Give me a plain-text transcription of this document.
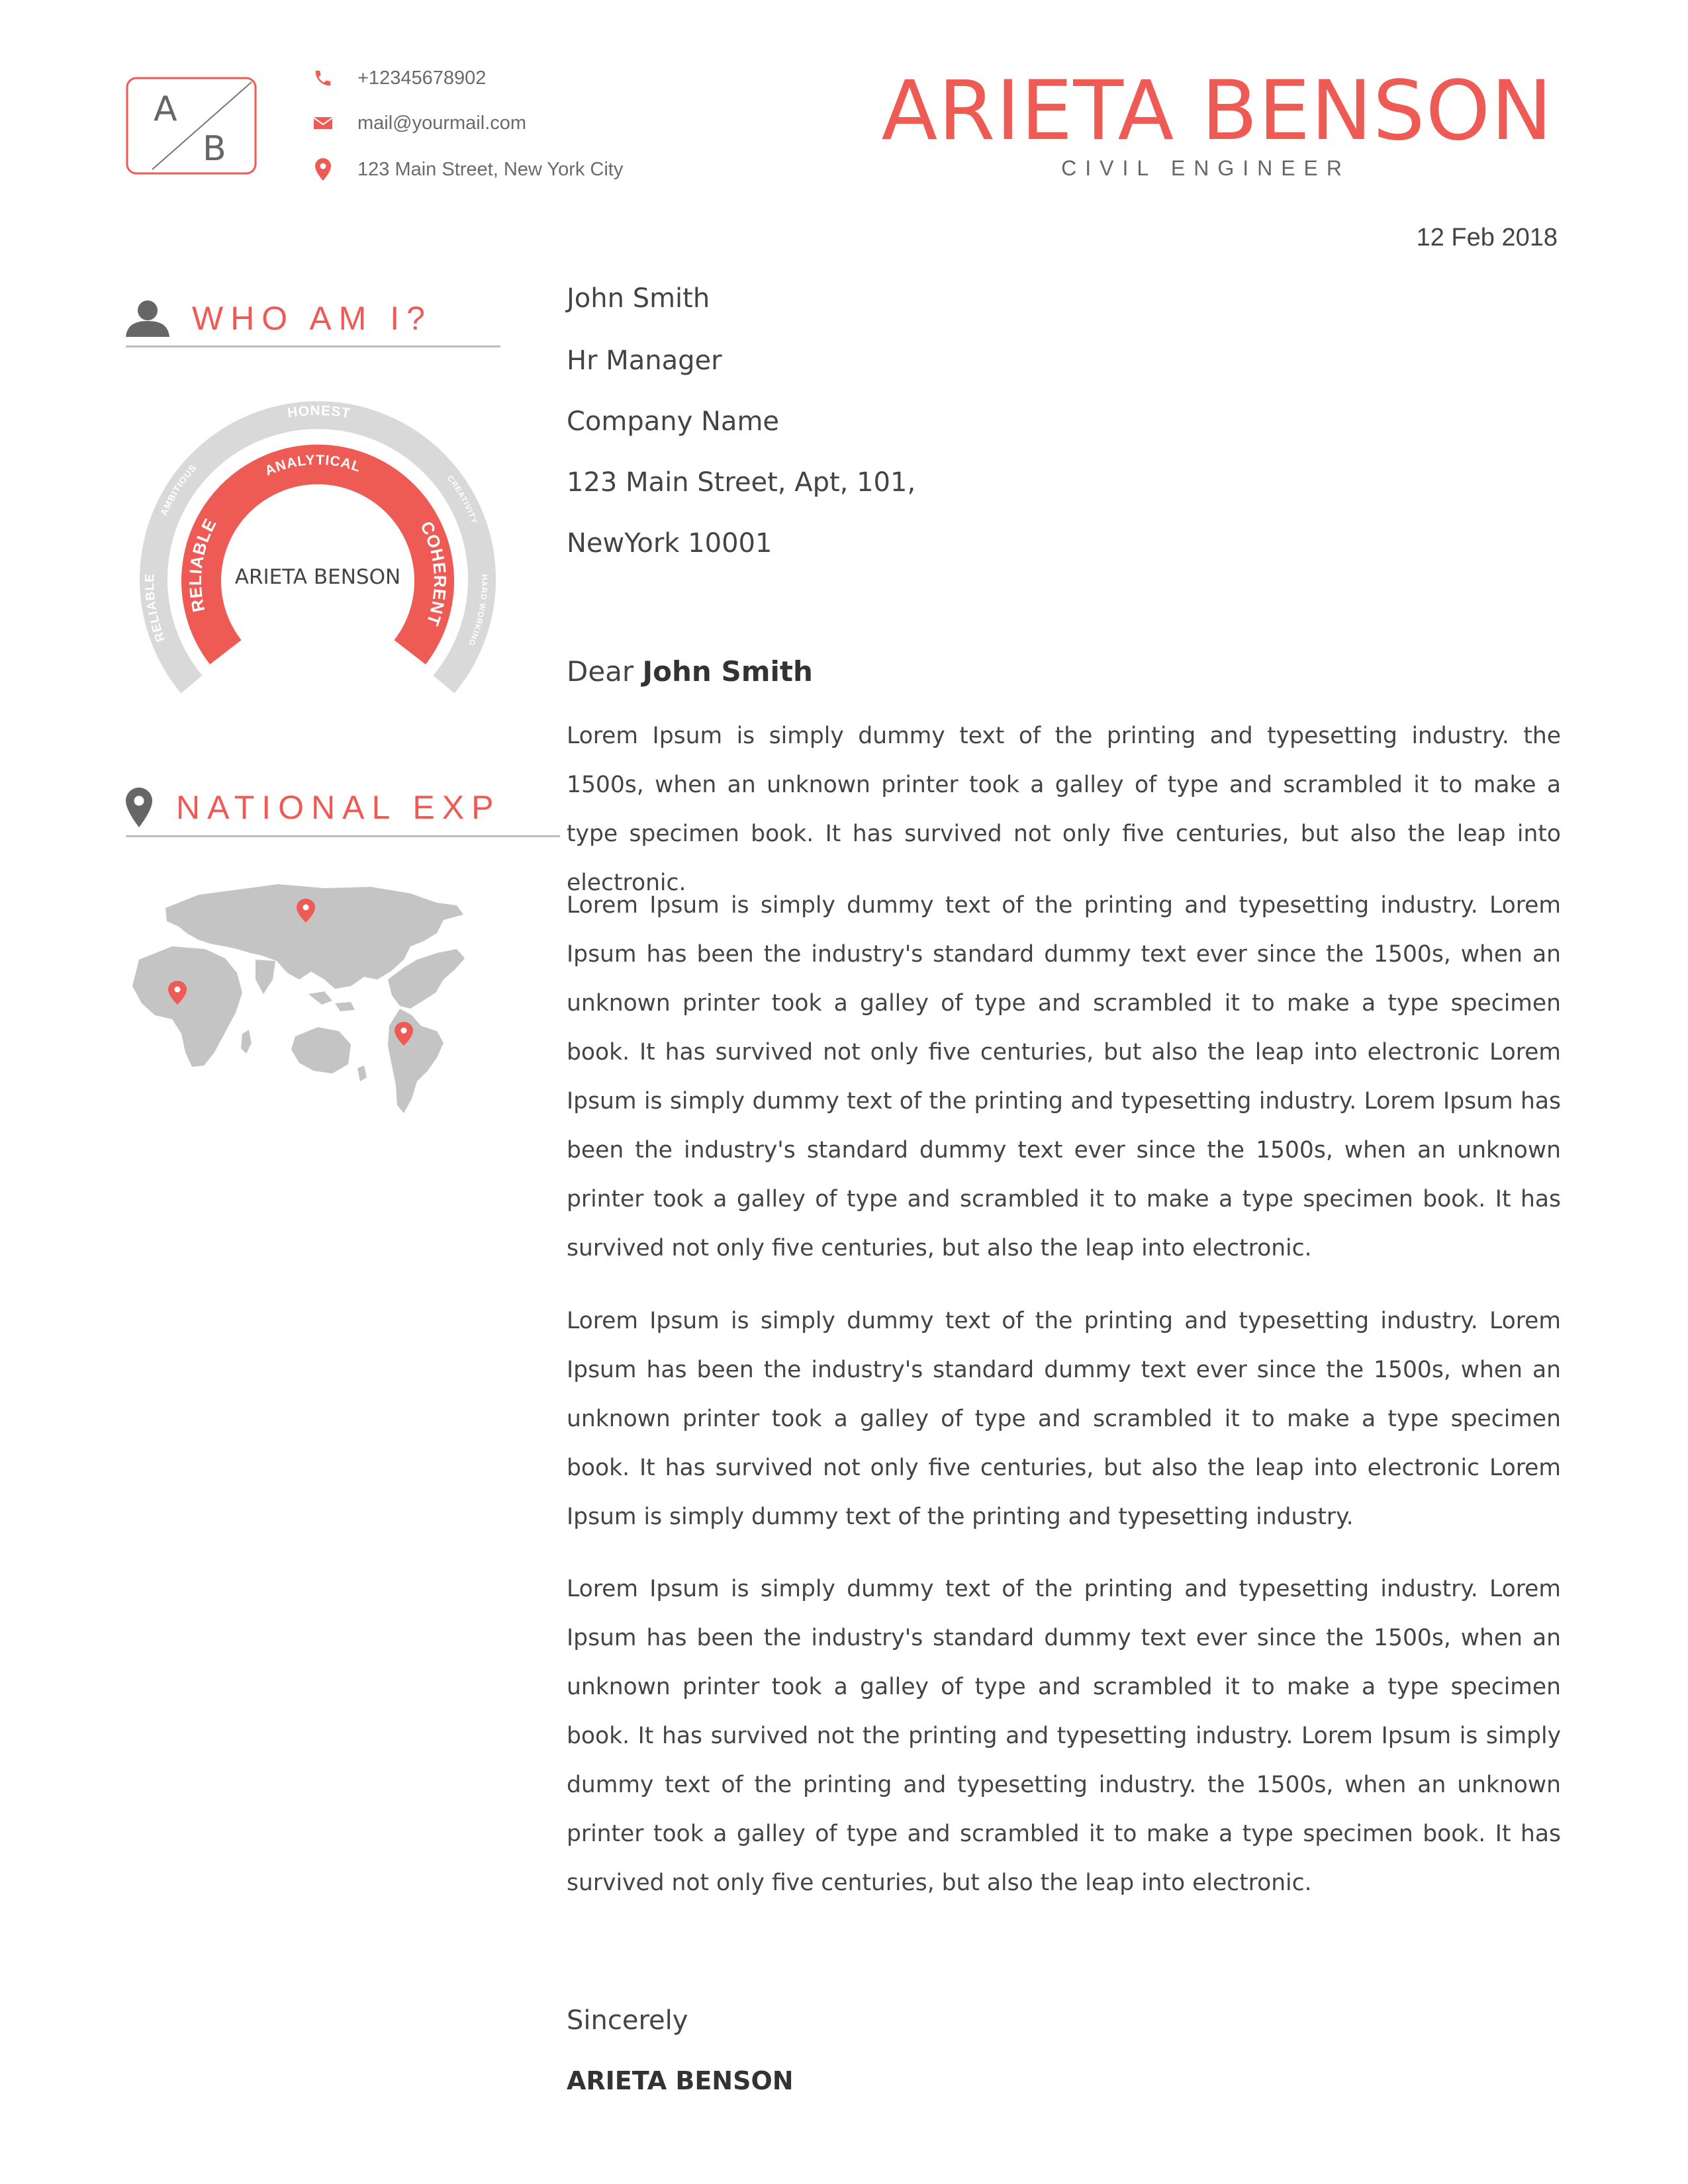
A
B
+12345678902
mail@yourmail.com
123 Main Street, New York City
ARIETA BENSON
CIVIL ENGINEER
12 Feb 2018
WHO AM I?
RELIABLE
AMBITIOUS
HONEST
CREATIVITY
HARD WORKING
RELIABLE
ANALYTICAL
COHERENT
ARIETA BENSON
NATIONAL EXP
John Smith
Hr Manager
Company Name
123 Main Street, Apt, 101,
NewYork 10001
Dear John Smith

Lorem Ipsum is simply dummy text of the printing and typesetting industry. the 1500s, when an unknown printer took a galley of type and scrambled it to make a type specimen book. It has survived not only five centuries, but also the leap into electronic.

Lorem Ipsum is simply dummy text of the printing and typesetting industry. Lorem Ipsum has been the industry's standard dummy text ever since the 1500s, when an unknown printer took a galley of type and scrambled it to make a type specimen book. It has survived not only five centuries, but also the leap into electronic Lorem Ipsum is simply dummy text of the printing and typesetting industry. Lorem Ipsum has been the industry's standard dummy text ever since the 1500s, when an unknown printer took a galley of type and scrambled it to make a type specimen book. It has survived not only five centuries, but also the leap into electronic.

Lorem Ipsum is simply dummy text of the printing and typesetting industry. Lorem Ipsum has been the industry's standard dummy text ever since the 1500s, when an unknown printer took a galley of type and scrambled it to make a type specimen book. It has survived not only five centuries, but also the leap into electronic Lorem Ipsum is simply dummy text of the printing and typesetting industry.

Lorem Ipsum is simply dummy text of the printing and typesetting industry. Lorem Ipsum has been the industry's standard dummy text ever since the 1500s, when an unknown printer took a galley of type and scrambled it to make a type specimen book. It has survived not the printing and typesetting industry. Lorem Ipsum is simply dummy text of the printing and typesetting industry. the 1500s, when an unknown printer took a galley of type and scrambled it to make a type specimen book. It has survived not only five centuries, but also the leap into electronic.

Sincerely
ARIETA BENSON
